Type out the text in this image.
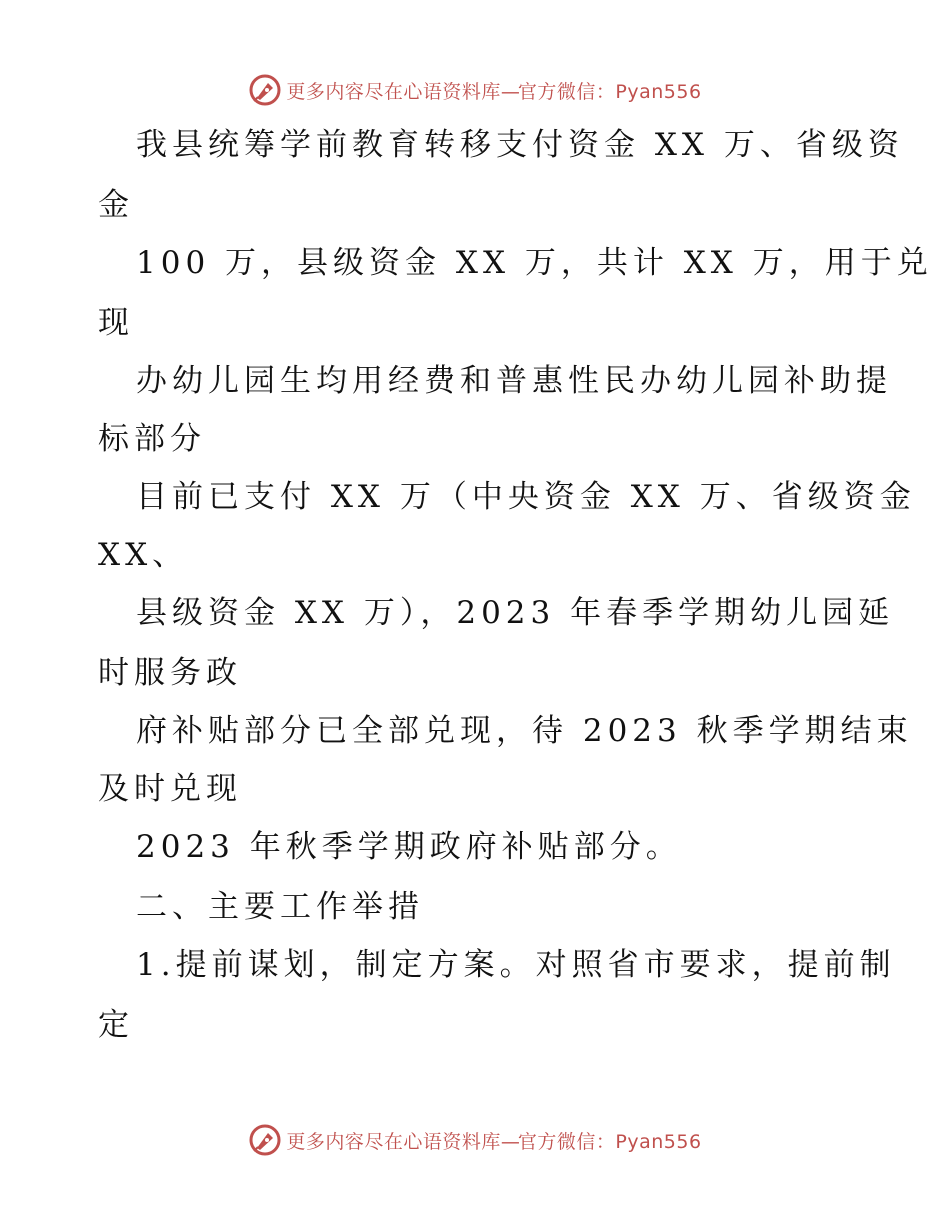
更多内容尽在心语资料库—官方微信：Pyan556
我县统筹学前教育转移支付资金 XX 万、省级资
金
100 万，县级资金 XX 万，共计 XX 万，用于兑
现
办幼儿园生均用经费和普惠性民办幼儿园补助提
标部分
目前已支付 XX 万（中央资金 XX 万、省级资金
XX、
县级资金 XX 万），2023 年春季学期幼儿园延
时服务政
府补贴部分已全部兑现，待 2023 秋季学期结束
及时兑现
2023 年秋季学期政府补贴部分。
二、主要工作举措
1.提前谋划，制定方案。对照省市要求，提前制
定
更多内容尽在心语资料库—官方微信：Pyan556
